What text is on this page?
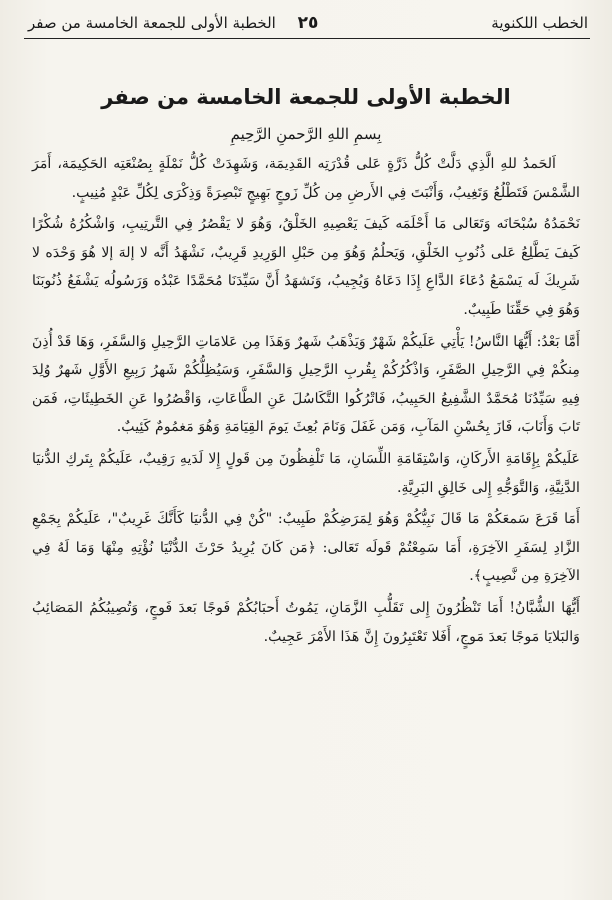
الخطب اللكنوية
٢٥
الخطبة الأولى للجمعة الخامسة من صفر
الخطبة الأولى للجمعة الخامسة من صفر
بِسمِ اللهِ الرَّحمنِ الرَّحِيمِ

اَلحَمدُ للهِ الَّذِي دَلَّتْ كُلُّ ذَرَّةٍ عَلى قُدْرَتِه القَدِيمَة، وَشَهِدَتْ كُلُّ نَمْلَةٍ بِصُنْعَتِه الحَكِيمَة، أَمَرَ الشَّمْسَ فَتَطْلُعُ وَتَغِيبُ، وَأَنْبَتَ فِي الأَرضِ مِن كُلِّ زَوجٍ بَهِيجٍ تَبْصِرَةً وَذِكْرَى لِكُلِّ عَبْدٍ مُنِيبٍ.

نَحْمَدُهُ سُبْحَانَه وَتَعَالى مَا أَحْلَمَه كَيفَ يَعْصِيهِ الخَلْقُ، وَهُوَ لا يَقْصُرُ فِي التَّرتِيبِ، وَاشْكُرُهُ شُكْرًا كَيفَ يَطَّلِعُ عَلى ذُنُوبِ الخَلْقِ، وَيَحلُمُ وَهُوَ مِن حَبْلِ الوَرِيدِ قَرِيبٌ، نَشْهَدُ أَنَّه لا إلهَ إلا هُوَ وَحْدَه لا شَرِيكَ لَه يَسْمَعُ دُعَاءَ الدَّاعِ إِذَا دَعَاهُ وَيُجِيبُ، وَنَشهَدُ أَنَّ سَيِّدَنَا مُحَمَّدًا عَبْدُه وَرَسُولُه يَشْفَعُ ذُنُوبَنَا وَهُوَ فِي حَقِّنَا طَبِيبٌ.

أَمَّا بَعْدُ: أَيُّهَا النَّاسُ! يَأْتِي عَلَيكُمْ شَهْرٌ وَيَذْهَبُ شَهرٌ وَهَذَا مِن عَلامَاتِ الرَّحِيلِ وَالسَّفَرِ، وَهَا قَدْ أُذِنَ مِنكُمْ فِي الرَّحِيلِ الصَّفَرِ، وَاذْكُرُكُمْ بِقُربِ الرَّحِيلِ وَالسَّفَرِ، وَسَيُظِلُّكُمْ شَهرُ رَبِيعِ الأَوَّلِ شَهرٌ وُلِدَ فِيهِ سَيِّدُنَا مُحَمَّدٌ الشَّفِيعُ الحَبِيبُ، فَاتْرُكُوا التَّكَاسُلَ عَنِ الطَّاعَاتِ، وَاقْصُرُوا عَنِ الخَطِيئَاتِ، فَمَن تَابَ وَأَنَابَ، فَازَ بِحُسْنِ المَآبِ، وَمَن غَفَلَ وَنَامَ بُعِثَ يَومَ القِيَامَةِ وَهُوَ مَغمُومٌ كَئِيبٌ.

عَلَيكُمْ بِإِقَامَةِ الأَركَانِ، وَاسْتِقَامَةِ اللِّسَانِ، مَا تَلْفِظُونَ مِن قَولٍ إِلا لَدَيهِ رَقِيبٌ، عَلَيكُمْ بِتَركِ الدُّنيَا الدَّنِيَّةِ، وَالتَّوَجُّهِ إِلى خَالِقِ البَرِيَّةِ.

أَمَا قَرَعَ سَمعَكُمْ مَا قَالَ نَبِيُّكُمْ وَهُوَ لِمَرَضِكُمْ طَبِيبٌ: "كُنْ فِي الدُّنيَا كَأَنَّكَ غَرِيبٌ"، عَلَيكُمْ بِجَمْعِ الزَّادِ لِسَفَرِ الآخِرَةِ، أَمَا سَمِعْتُمْ قَولَه تَعَالى: ﴿مَن كَانَ يُرِيدُ حَرْثَ الدُّنْيَا نُؤْتِهِ مِنْهَا وَمَا لَهُ فِي الآخِرَةِ مِن نَّصِيبٍ﴾.

أَيُّهَا الشُّبَّانُ! أَمَا تَنْظُرُونَ إِلى تَقَلُّبِ الزَّمَانِ، يَمُوتُ أَحبَابُكُمْ فَوجًا بَعدَ فَوجٍ، وَتُصِيبُكُمُ المَصَائِبُ وَالبَلايَا مَوجًا بَعدَ مَوجٍ، أَفَلا تَعْتَبِرُونَ إِنَّ هَذَا الأَمْرَ عَجِيبٌ.
